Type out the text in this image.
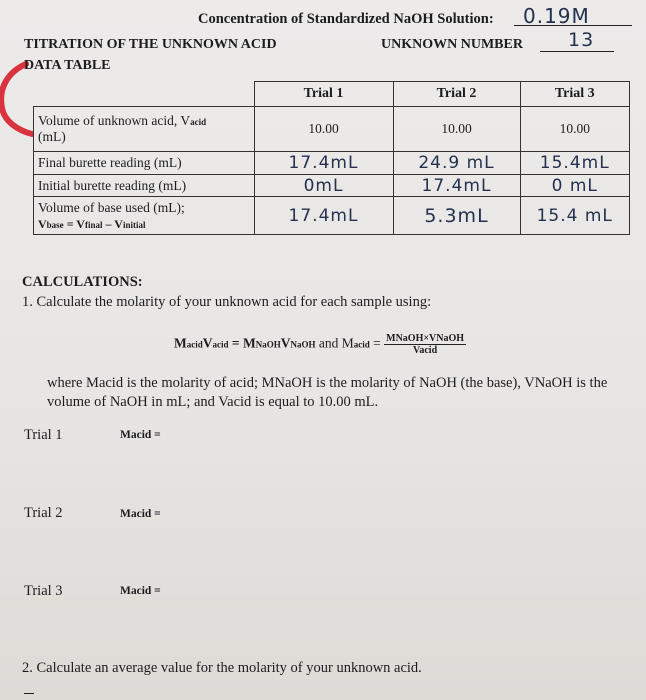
Concentration of Standardized NaOH Solution: 0.19M
TITRATION OF THE UNKNOWN ACID	UNKNOWN NUMBER 13
DATA TABLE
	Trial 1	Trial 2	Trial 3
Volume of unknown acid, Vacid
(mL)	10.00	10.00	10.00
Final burette reading (mL)	17.4mL	24.9 mL	15.4mL
Initial burette reading (mL)	0mL	17.4mL	0 mL
Volume of base used (mL);
Vbase = Vfinal – Vinitial	17.4mL	5.3mL	15.4 mL
CALCULATIONS:
1. Calculate the molarity of your unknown acid for each sample using:
MacidVacid = MNaOHVNaOH and Macid = $\frac{\text{MNaOH×VNaOH}}{\text{Vacid}}$
where Macid is the molarity of acid; MNaOH is the molarity of NaOH (the base), VNaOH is the
volume of NaOH in mL; and Vacid is equal to 10.00 mL.
Trial 1	Macid =
Trial 2	Macid =
Trial 3	Macid =
2. Calculate an average value for the molarity of your unknown acid.
